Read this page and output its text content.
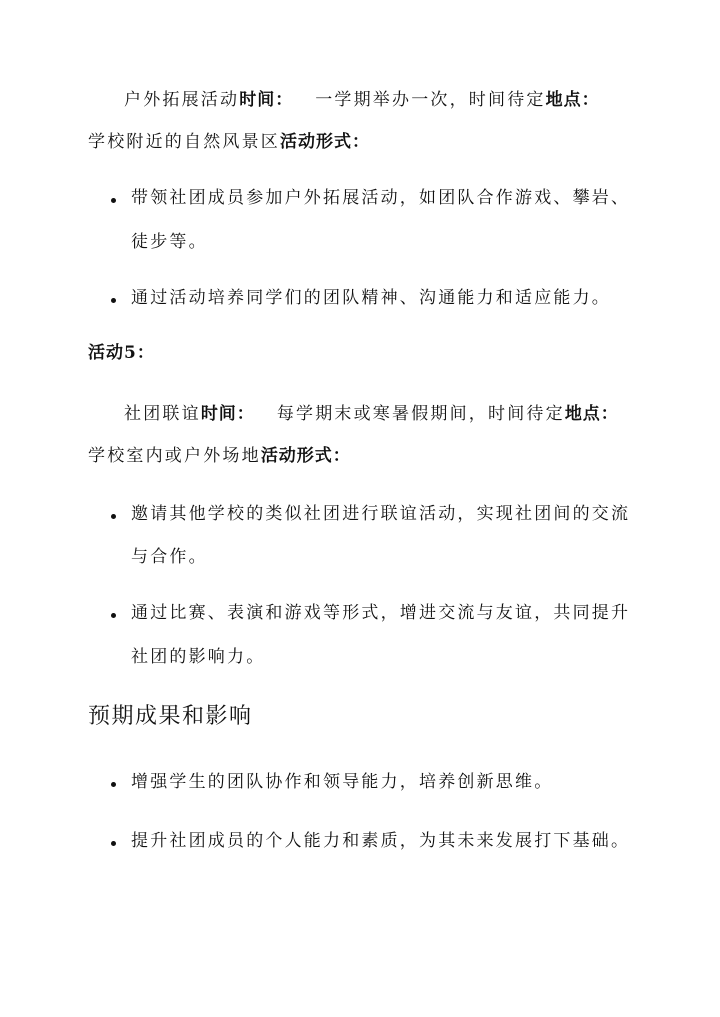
户外拓展活动时间： 一学期举办一次，时间待定地点：
学校附近的自然风景区活动形式：
带领社团成员参加户外拓展活动，如团队合作游戏、攀岩、
徒步等。
通过活动培养同学们的团队精神、沟通能力和适应能力。
活动5：
社团联谊时间： 每学期末或寒暑假期间，时间待定地点：
学校室内或户外场地活动形式：
邀请其他学校的类似社团进行联谊活动，实现社团间的交流
与合作。
通过比赛、表演和游戏等形式，增进交流与友谊，共同提升
社团的影响力。
预期成果和影响
增强学生的团队协作和领导能力，培养创新思维。
提升社团成员的个人能力和素质，为其未来发展打下基础。
